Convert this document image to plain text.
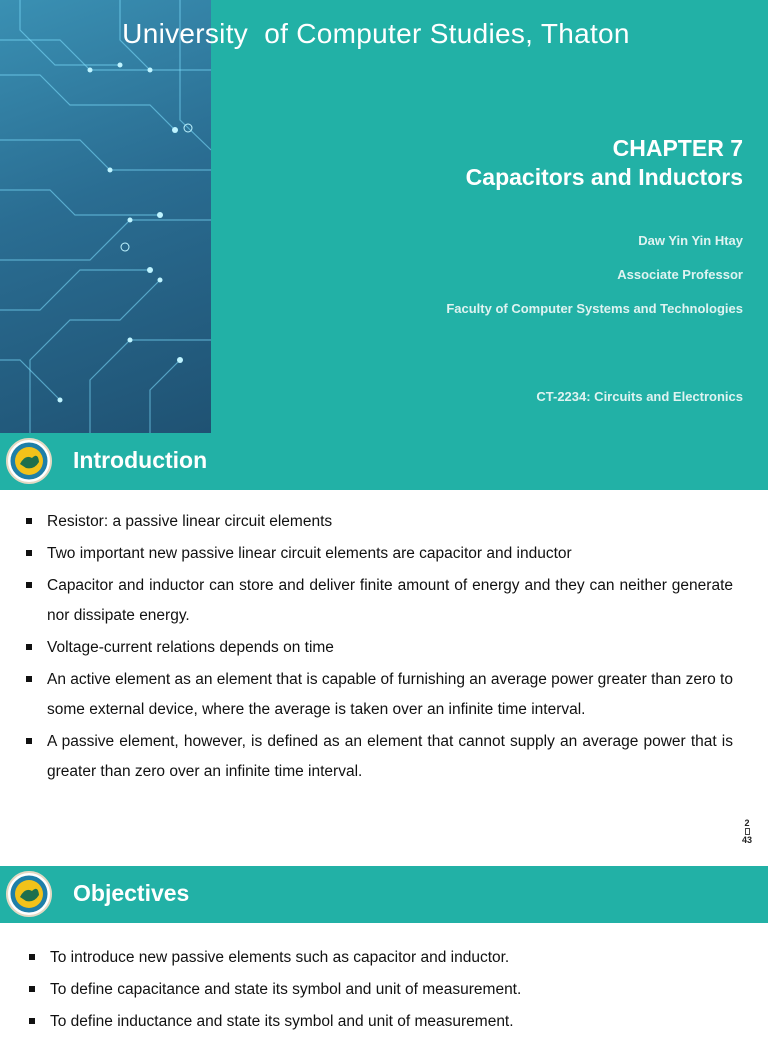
University  of Computer Studies, Thaton
CHAPTER 7
Capacitors and Inductors
Daw Yin Yin Htay
Associate Professor
Faculty of Computer Systems and Technologies
CT-2234: Circuits and Electronics
Introduction
Resistor: a passive linear circuit elements
Two important new passive linear circuit elements are capacitor and inductor
Capacitor and inductor can store and deliver finite amount of energy and they can neither generate nor dissipate energy.
Voltage-current relations depends on time
An active element as an element that is capable of furnishing an average power greater than zero to some external device, where the average is taken over an infinite time interval.
A passive element, however, is defined as an element that cannot supply an average power that is greater than zero over an infinite time interval.
2
43
Objectives
To introduce new passive elements such as capacitor and inductor.
To define capacitance and state its symbol and unit of measurement.
To define inductance and state its symbol and unit of measurement.
